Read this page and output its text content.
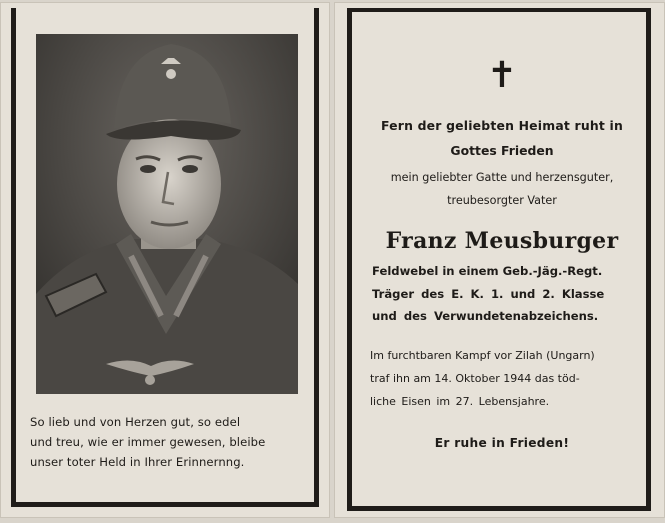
So lieb und von Herzen gut, so edel
und treu, wie er immer gewesen, bleibe
unser toter Held in Ihrer Erinnernng.
✝
Fern der geliebten Heimat ruht in
Gottes Frieden
mein geliebter Gatte und herzensguter,
treubesorgter Vater
Franz Meusburger
Feldwebel in einem Geb.-Jäg.-Regt.
Träger des E. K. 1. und 2. Klasse
und des Verwundetenabzeichens.
Im furchtbaren Kampf vor Zilah (Ungarn)
traf ihn am 14. Oktober 1944 das töd-
liche Eisen im 27. Lebensjahre.
Er ruhe in Frieden!
